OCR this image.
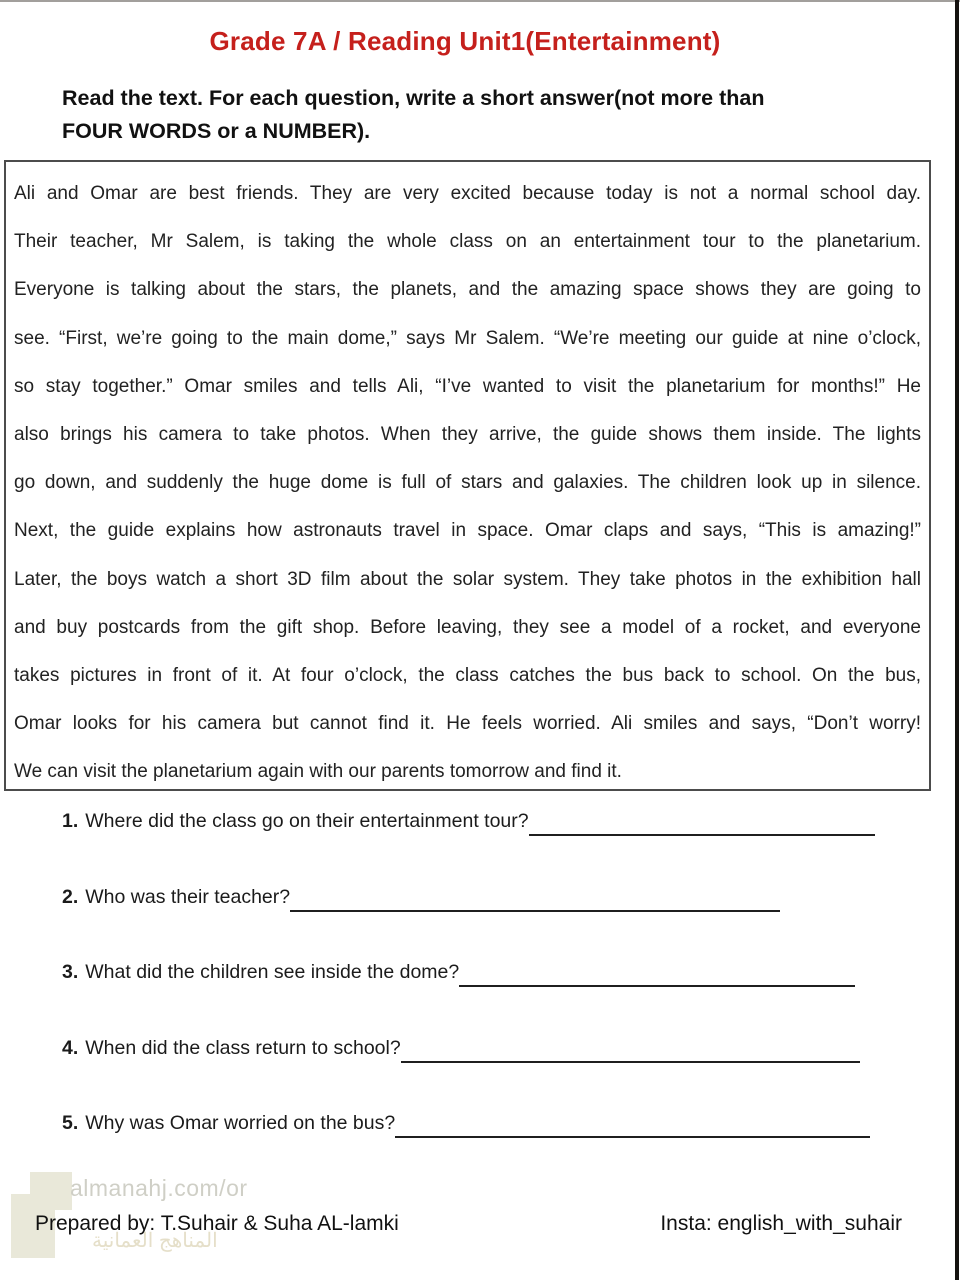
Grade 7A / Reading Unit1(Entertainment)
Read the text. For each question, write a short answer(not more than
FOUR WORDS or a NUMBER).
Ali and Omar are best friends. They are very excited because today is not a normal school day.
Their teacher, Mr Salem, is taking the whole class on an entertainment tour to the planetarium.
Everyone is talking about the stars, the planets, and the amazing space shows they are going to
see. “First, we’re going to the main dome,” says Mr Salem. “We’re meeting our guide at nine o’clock,
so stay together.” Omar smiles and tells Ali, “I’ve wanted to visit the planetarium for months!” He
also brings his camera to take photos. When they arrive, the guide shows them inside. The lights
go down, and suddenly the huge dome is full of stars and galaxies. The children look up in silence.
Next, the guide explains how astronauts travel in space. Omar claps and says, “This is amazing!”
Later, the boys watch a short 3D film about the solar system. They take photos in the exhibition hall
and buy postcards from the gift shop. Before leaving, they see a model of a rocket, and everyone
takes pictures in front of it. At four o’clock, the class catches the bus back to school. On the bus,
Omar looks for his camera but cannot find it. He feels worried. Ali smiles and says, “Don’t worry!
We can visit the planetarium again with our parents tomorrow and find it.
1. Where did the class go on their entertainment tour?
2. Who was their teacher?
3. What did the children see inside the dome?
4. When did the class return to school?
5. Why was Omar worried on the bus?
almanahj.com/or
المناهج العمانية
Prepared by: T.Suhair & Suha AL-lamki	Insta: english_with_suhair
